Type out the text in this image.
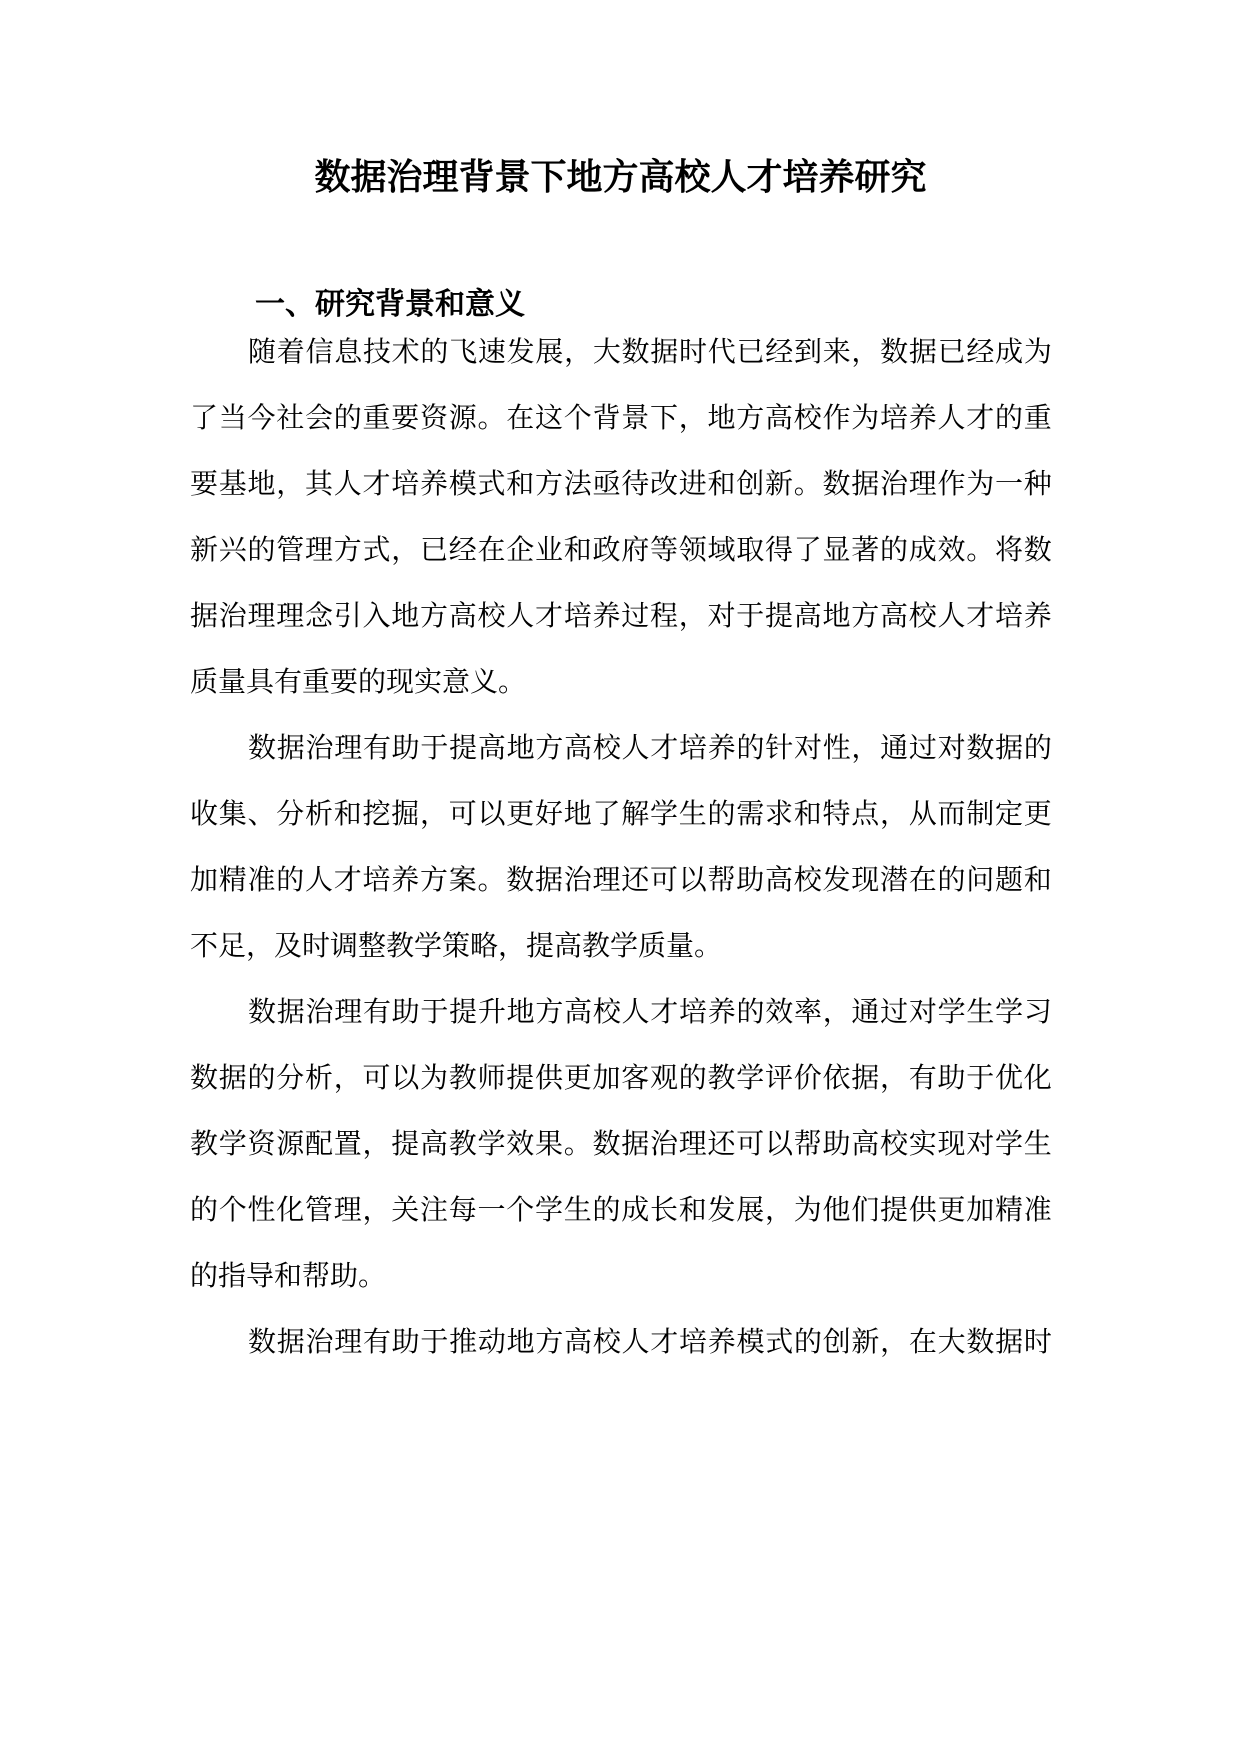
数据治理背景下地方高校人才培养研究
一、研究背景和意义
随 着 信 息 技 术 的 飞 速 发 展 ， 大 数 据 时 代 已 经 到 来 ， 数 据 已 经 成 为
了 当 今 社 会 的 重 要 资 源 。 在 这 个 背 景 下 ， 地 方 高 校 作 为 培 养 人 才 的 重
要 基 地 ， 其 人 才 培 养 模 式 和 方 法 亟 待 改 进 和 创 新 。 数 据 治 理 作 为 一 种
新 兴 的 管 理 方 式 ， 已 经 在 企 业 和 政 府 等 领 域 取 得 了 显 著 的 成 效 。 将 数
据 治 理 理 念 引 入 地 方 高 校 人 才 培 养 过 程 ， 对 于 提 高 地 方 高 校 人 才 培 养
质量具有重要的现实意义。
数 据 治 理 有 助 于 提 高 地 方 高 校 人 才 培 养 的 针 对 性 ， 通 过 对 数 据 的
收 集 、 分 析 和 挖 掘 ， 可 以 更 好 地 了 解 学 生 的 需 求 和 特 点 ， 从 而 制 定 更
加 精 准 的 人 才 培 养 方 案 。 数 据 治 理 还 可 以 帮 助 高 校 发 现 潜 在 的 问 题 和
不足，及时调整教学策略，提高教学质量。
数 据 治 理 有 助 于 提 升 地 方 高 校 人 才 培 养 的 效 率 ， 通 过 对 学 生 学 习
数 据 的 分 析 ， 可 以 为 教 师 提 供 更 加 客 观 的 教 学 评 价 依 据 ， 有 助 于 优 化
教 学 资 源 配 置 ， 提 高 教 学 效 果 。 数 据 治 理 还 可 以 帮 助 高 校 实 现 对 学 生
的 个 性 化 管 理 ， 关 注 每 一 个 学 生 的 成 长 和 发 展 ， 为 他 们 提 供 更 加 精 准
的指导和帮助。
数 据 治 理 有 助 于 推 动 地 方 高 校 人 才 培 养 模 式 的 创 新 ， 在 大 数 据 时
